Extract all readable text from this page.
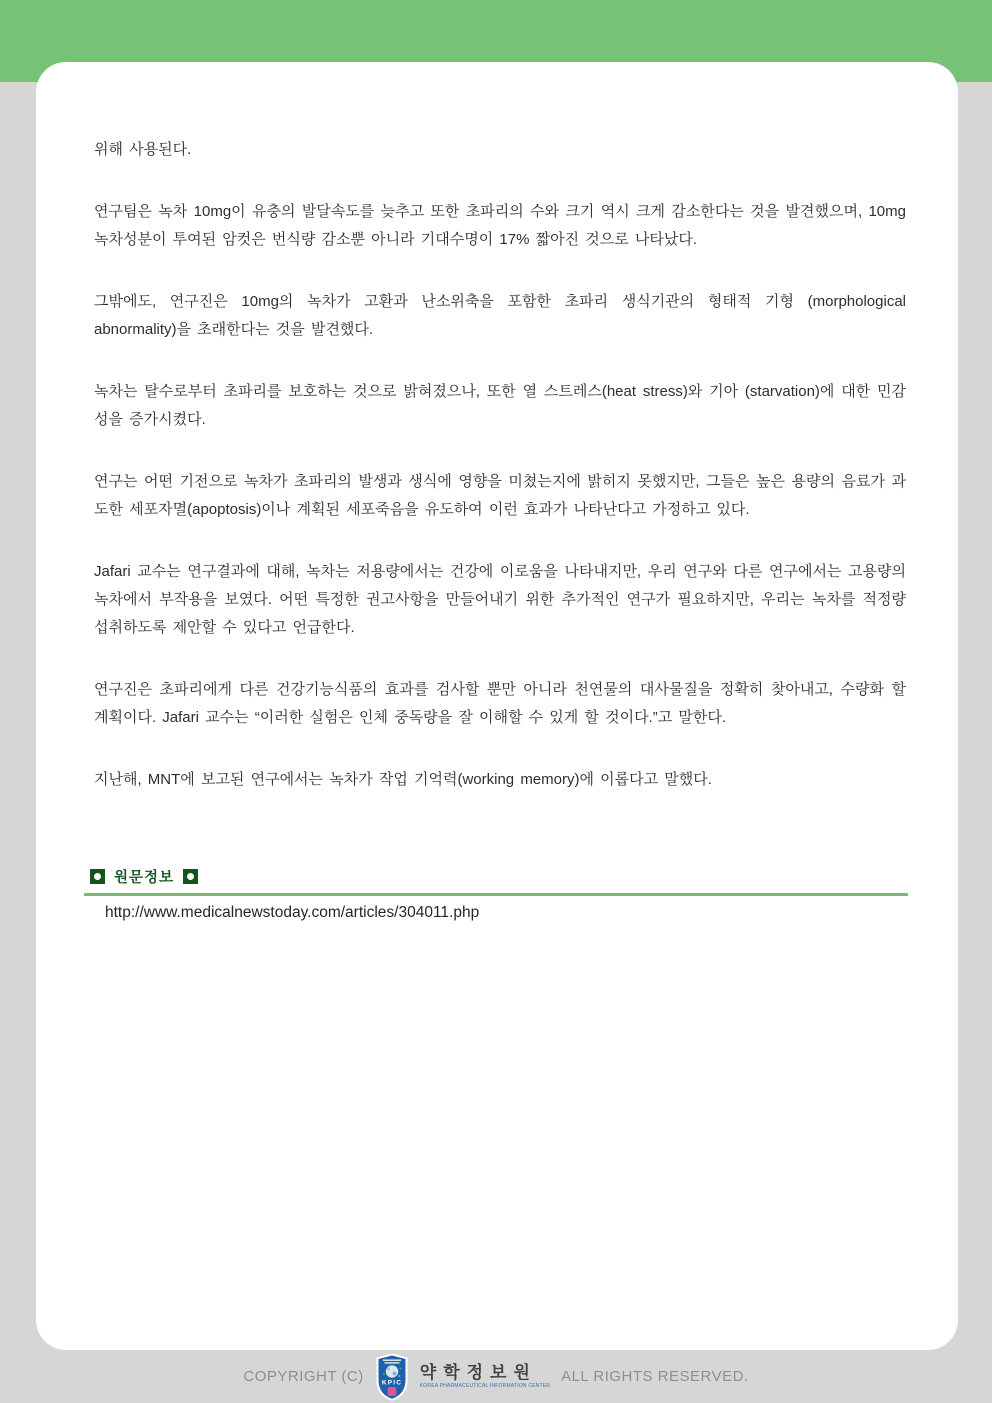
위해 사용된다.

연구팀은 녹차 10mg이 유충의 발달속도를 늦추고 또한 초파리의 수와 크기 역시 크게 감소한다는 것을 발견했으며, 10mg 녹차성분이 투여된 암컷은 번식량 감소뿐 아니라 기대수명이 17% 짧아진 것으로 나타났다.

그밖에도, 연구진은 10mg의 녹차가 고환과 난소위축을 포함한 초파리 생식기관의 형태적 기형 (morphological abnormality)을 초래한다는 것을 발견했다.

녹차는 탈수로부터 초파리를 보호하는 것으로 밝혀졌으나, 또한 열 스트레스(heat stress)와 기아 (starvation)에 대한 민감성을 증가시켰다.

연구는 어떤 기전으로 녹차가 초파리의 발생과 생식에 영향을 미쳤는지에 밝히지 못했지만, 그들은 높은 용량의 음료가 과도한 세포자멸(apoptosis)이나 계획된 세포죽음을 유도하여 이런 효과가 나타난다고 가정하고 있다.

Jafari 교수는 연구결과에 대해, 녹차는 저용량에서는 건강에 이로움을 나타내지만, 우리 연구와 다른 연구에서는 고용량의 녹차에서 부작용을 보였다. 어떤 특정한 권고사항을 만들어내기 위한 추가적인 연구가 필요하지만, 우리는 녹차를 적정량 섭취하도록 제안할 수 있다고 언급한다.

연구진은 초파리에게 다른 건강기능식품의 효과를 검사할 뿐만 아니라 천연물의 대사물질을 정확히 찾아내고, 수량화 할 계획이다. Jafari 교수는 “이러한 실험은 인체 중독량을 잘 이해할 수 있게 할 것이다.”고 말한다.

지난해, MNT에 보고된 연구에서는 녹차가 작업 기억력(working memory)에 이롭다고 말했다.

원문정보
http://www.medicalnewstoday.com/articles/304011.php
COPYRIGHT (C)	KPIC
약학정보원
KOREA PHARMACEUTICAL INFORMATION CENTER
ALL RIGHTS RESERVED.
